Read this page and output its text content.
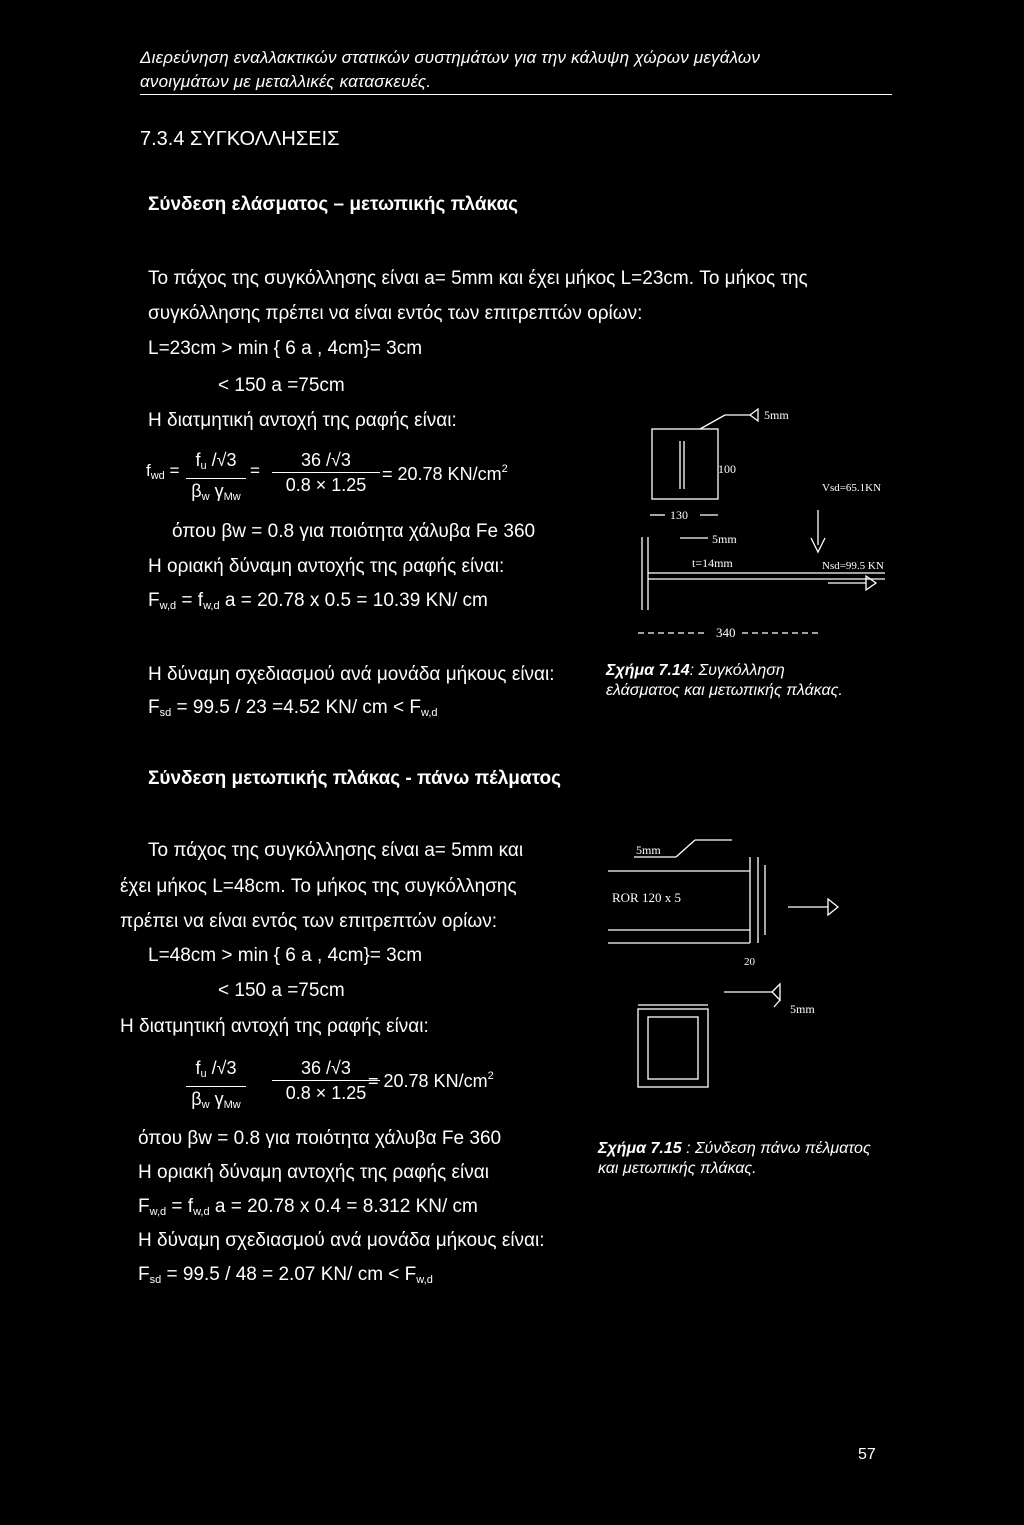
Διερεύνηση εναλλακτικών στατικών συστημάτων για την κάλυψη χώρων μεγάλων
ανοιγμάτων με μεταλλικές κατασκευές.
7.3.4 ΣΥΓΚΟΛΛΗΣΕΙΣ
Σύνδεση ελάσματος – μετωπικής πλάκας
Το πάχος της συγκόλλησης είναι a= 5mm και έχει μήκος L=23cm. Το μήκος της
συγκόλλησης πρέπει να είναι εντός των επιτρεπτών ορίων:
L=23cm > min { 6 a , 4cm}= 3cm
< 150 a =75cm
Η διατμητική αντοχή της ραφής είναι:
$f_{wd}$ =
$f_u$ /√3
$\beta_w$ $\gamma_{Mw}$
=
36 /√3
0.8 × 1.25
= 20.78 $KN/cm^2$
όπου βw = 0.8 για ποιότητα χάλυβα Fe 360
Η οριακή δύναμη αντοχής της ραφής είναι:
$F_{w,d} = f_{w,d}$ a = 20.78 x 0.5 = 10.39 KN/ cm
Η δύναμη σχεδιασμού ανά μονάδα μήκους είναι:
$F_{sd} = 99.5 / 23 =4.52$ KN/ cm < $F_{w,d}$
5mm
100
130
5mm
t=14mm
340
Vsd=65.1KN
Nsd=99.5 KN
Σχήμα 7.14: Συγκόλληση
ελάσματος και μετωπικής πλάκας.
Σύνδεση μετωπικής πλάκας - πάνω πέλματος
Το πάχος της συγκόλλησης είναι a= 5mm και
έχει μήκος L=48cm. Το μήκος της συγκόλλησης
πρέπει να είναι εντός των επιτρεπτών ορίων:
L=48cm > min { 6 a , 4cm}= 3cm
< 150 a =75cm
Η διατμητική αντοχή της ραφής είναι:
$f_u$ /√3
$\beta_w$ $\gamma_{Mw}$
36 /√3
0.8 × 1.25
= 20.78 $KN/cm^2$
όπου βw = 0.8 για ποιότητα χάλυβα Fe 360
Η οριακή δύναμη αντοχής της ραφής είναι
$F_{w,d} = f_{w,d}$ a = 20.78 x 0.4 = 8.312 KN/ cm
Η δύναμη σχεδιασμού ανά μονάδα μήκους είναι:
$F_{sd} = 99.5 / 48 = 2.07$ KN/ cm < $F_{w,d}$
5mm
ROR 120 x 5
20
5mm
Σχήμα 7.15 : Σύνδεση πάνω πέλματος
και μετωπικής πλάκας.
57
